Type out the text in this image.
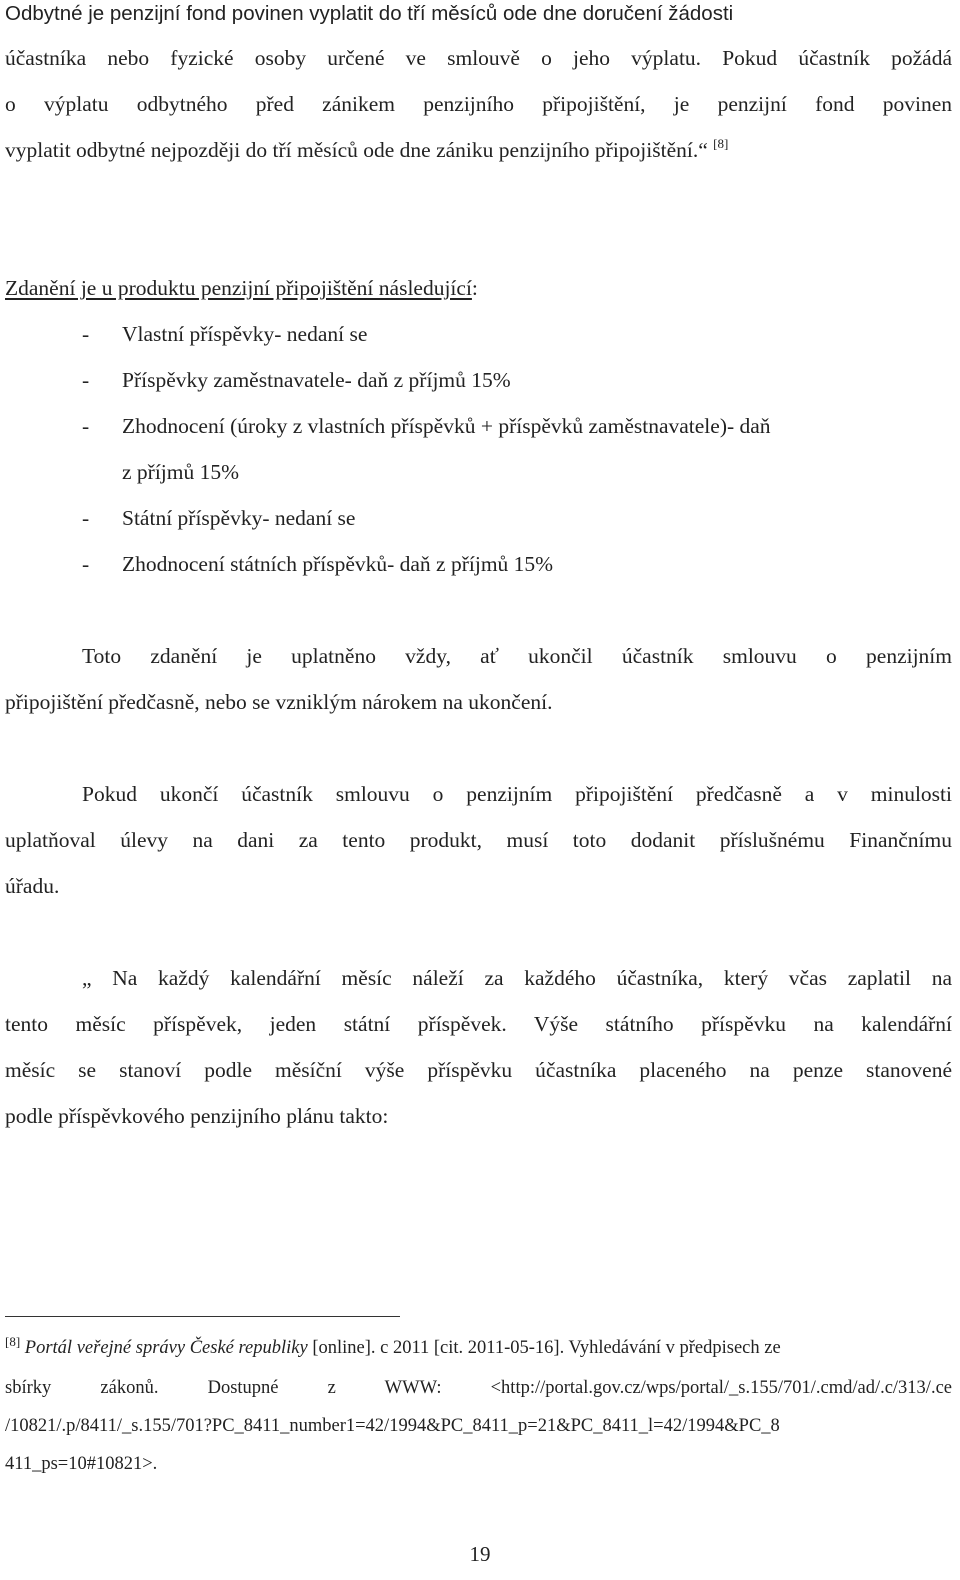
Odbytné je penzijní fond povinen vyplatit do tří měsíců ode dne doručení žádosti
účastníka nebo fyzické osoby určené ve smlouvě o jeho výplatu. Pokud účastník požádá
o výplatu odbytného před zánikem penzijního připojištění, je penzijní fond povinen
vyplatit odbytné nejpozději do tří měsíců ode dne zániku penzijního připojištění.“ [8]
Zdanění je u produktu penzijní připojištění následující:
- Vlastní příspěvky- nedaní se
- Příspěvky zaměstnavatele- daň z příjmů 15%
- Zhodnocení (úroky z vlastních příspěvků + příspěvků zaměstnavatele)- daň
z příjmů 15%
- Státní příspěvky- nedaní se
- Zhodnocení státních příspěvků- daň z příjmů 15%
Toto zdanění je uplatněno vždy, ať ukončil účastník smlouvu o penzijním
připojištění předčasně, nebo se vzniklým nárokem na ukončení.
Pokud ukončí účastník smlouvu o penzijním připojištění předčasně a v minulosti
uplatňoval úlevy na dani za tento produkt, musí toto dodanit příslušnému Finančnímu
úřadu.
„ Na každý kalendářní měsíc náleží za každého účastníka, který včas zaplatil na
tento měsíc příspěvek, jeden státní příspěvek. Výše státního příspěvku na kalendářní
měsíc se stanoví podle měsíční výše příspěvku účastníka placeného na penze stanovené
podle příspěvkového penzijního plánu takto:
[8] Portál veřejné správy České republiky [online]. c 2011 [cit. 2011-05-16]. Vyhledávání v předpisech ze
sbírky zákonů. Dostupné z WWW: <http://portal.gov.cz/wps/portal/_s.155/701/.cmd/ad/.c/313/.ce
/10821/.p/8411/_s.155/701?PC_8411_number1=42/1994&PC_8411_p=21&PC_8411_l=42/1994&PC_8
411_ps=10#10821>.
19
